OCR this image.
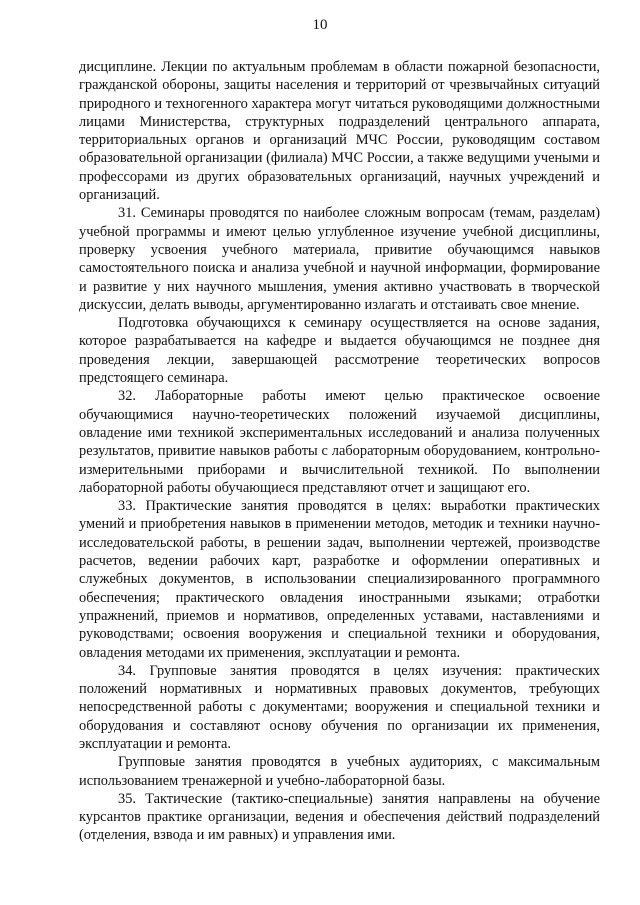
10

дисциплине. Лекции по актуальным проблемам в области пожарной безопасности, гражданской обороны, защиты населения и территорий от чрезвычайных ситуаций природного и техногенного характера могут читаться руководящими должностными лицами Министерства, структурных подразделений центрального аппарата, территориальных органов и организаций МЧС России, руководящим составом образовательной организации (филиала) МЧС России, а также ведущими учеными и профессорами из других образовательных организаций, научных учреждений и организаций.

31. Семинары проводятся по наиболее сложным вопросам (темам, разделам) учебной программы и имеют целью углубленное изучение учебной дисциплины, проверку усвоения учебного материала, привитие обучающимся навыков самостоятельного поиска и анализа учебной и научной информации, формирование и развитие у них научного мышления, умения активно участвовать в творческой дискуссии, делать выводы, аргументированно излагать и отстаивать свое мнение.

Подготовка обучающихся к семинару осуществляется на основе задания, которое разрабатывается на кафедре и выдается обучающимся не позднее дня проведения лекции, завершающей рассмотрение теоретических вопросов предстоящего семинара.

32. Лабораторные работы имеют целью практическое освоение обучающимися научно-теоретических положений изучаемой дисциплины, овладение ими техникой экспериментальных исследований и анализа полученных результатов, привитие навыков работы с лабораторным оборудованием, контрольно-измерительными приборами и вычислительной техникой. По выполнении лабораторной работы обучающиеся представляют отчет и защищают его.

33. Практические занятия проводятся в целях: выработки практических умений и приобретения навыков в применении методов, методик и техники научно-исследовательской работы, в решении задач, выполнении чертежей, производстве расчетов, ведении рабочих карт, разработке и оформлении оперативных и служебных документов, в использовании специализированного программного обеспечения; практического овладения иностранными языками; отработки упражнений, приемов и нормативов, определенных уставами, наставлениями и руководствами; освоения вооружения и специальной техники и оборудования, овладения методами их применения, эксплуатации и ремонта.

34. Групповые занятия проводятся в целях изучения: практических положений нормативных и нормативных правовых документов, требующих непосредственной работы с документами; вооружения и специальной техники и оборудования и составляют основу обучения по организации их применения, эксплуатации и ремонта.

Групповые занятия проводятся в учебных аудиториях, с максимальным использованием тренажерной и учебно-лабораторной базы.

35. Тактические (тактико-специальные) занятия направлены на обучение курсантов практике организации, ведения и обеспечения действий подразделений (отделения, взвода и им равных) и управления ими.
